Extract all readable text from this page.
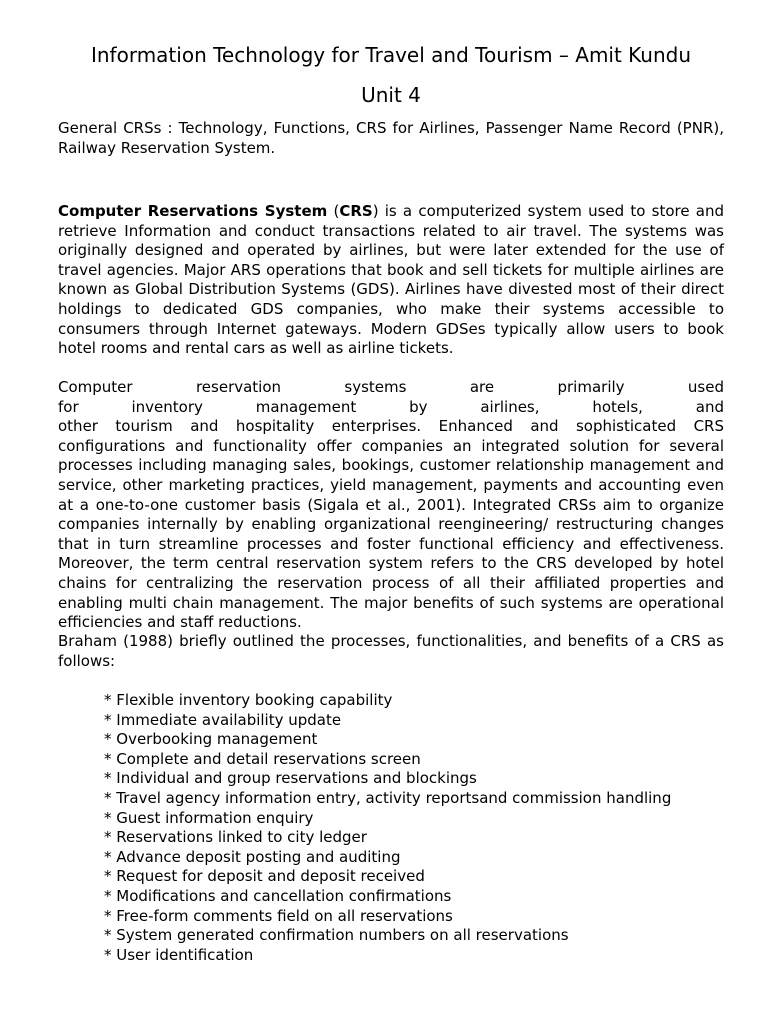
Information Technology for Travel and Tourism – Amit Kundu
Unit 4

General CRSs : Technology, Functions, CRS for Airlines, Passenger Name Record (PNR), Railway Reservation System.

Computer Reservations System (CRS) is a computerized system used to store and retrieve Information and conduct transactions related to air travel. The systems was originally designed and operated by airlines, but were later extended for the use of travel agencies. Major ARS operations that book and sell tickets for multiple airlines are known as Global Distribution Systems (GDS). Airlines have divested most of their direct holdings to dedicated GDS companies, who make their systems accessible to consumers through Internet gateways. Modern GDSes typically allow users to book hotel rooms and rental cars as well as airline tickets.

Computer reservation systems are primarily used
for inventory management by airlines, hotels, and
other tourism and hospitality enterprises. Enhanced and sophisticated CRS configurations and functionality offer companies an integrated solution for several processes including managing sales, bookings, customer relationship management and service, other marketing practices, yield management, payments and accounting even at a one-to-one customer basis (Sigala et al., 2001). Integrated CRSs aim to organize companies internally by enabling organizational reengineering/ restructuring changes that in turn streamline processes and foster functional efficiency and effectiveness. Moreover, the term central reservation system refers to the CRS developed by hotel chains for centralizing the reservation process of all their affiliated properties and enabling multi chain management. The major benefits of such systems are operational efficiencies and staff reductions.

Braham (1988) briefly outlined the processes, functionalities, and benefits of a CRS as follows:

* Flexible inventory booking capability
* Immediate availability update
* Overbooking management
* Complete and detail reservations screen
* Individual and group reservations and blockings
* Travel agency information entry, activity reportsand commission handling
* Guest information enquiry
* Reservations linked to city ledger
* Advance deposit posting and auditing
* Request for deposit and deposit received
* Modifications and cancellation confirmations
* Free-form comments field on all reservations
* System generated confirmation numbers on all reservations
* User identification
